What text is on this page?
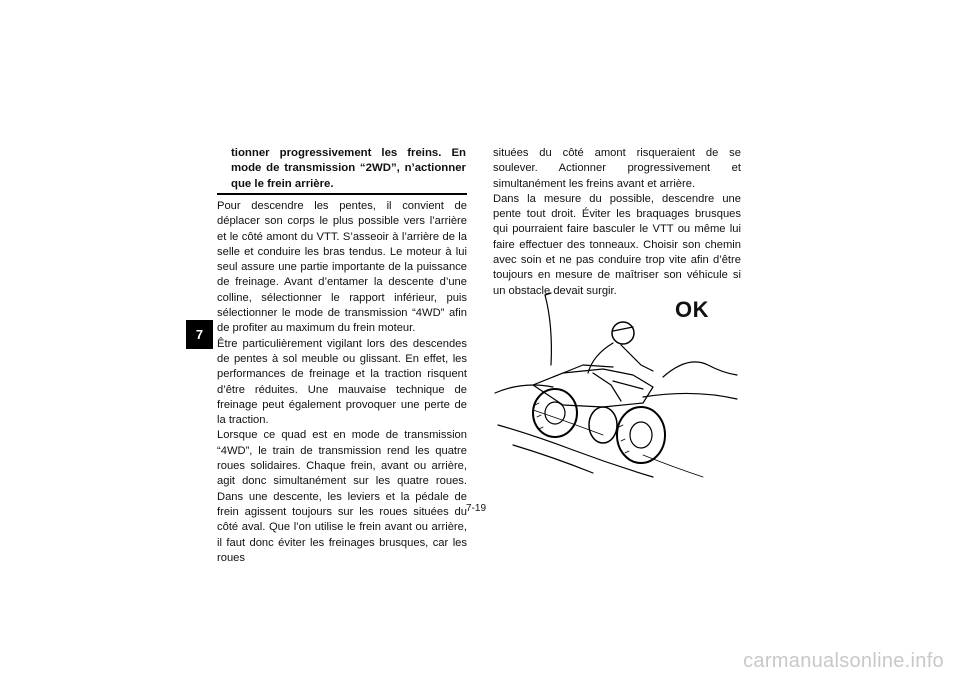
7
tionner progressivement les freins. En mode de transmission “2WD”, n’actionner que le frein arrière.
Pour descendre les pentes, il convient de déplacer son corps le plus possible vers l’arrière et le côté amont du VTT. S’asseoir à l’arrière de la selle et conduire les bras tendus. Le moteur à lui seul assure une partie importante de la puissance de freinage. Avant d’entamer la descente d’une colline, sélectionner le rapport inférieur, puis sélectionner le mode de transmission “4WD” afin de profiter au maximum du frein moteur.
Être particulièrement vigilant lors des descendes de pentes à sol meuble ou glissant. En effet, les performances de freinage et la traction risquent d’être réduites. Une mauvaise technique de freinage peut également provoquer une perte de la traction.
Lorsque ce quad est en mode de transmission “4WD”, le train de transmission rend les quatre roues solidaires. Chaque frein, avant ou arrière, agit donc simultanément sur les quatre roues. Dans une descente, les leviers et la pédale de frein agissent toujours sur les roues situées du côté aval. Que l’on utilise le frein avant ou arrière, il faut donc éviter les freinages brusques, car les roues
situées du côté amont risqueraient de se soulever. Actionner progressivement et simultanément les freins avant et arrière.
Dans la mesure du possible, descendre une pente tout droit. Éviter les braquages brusques qui pourraient faire basculer le VTT ou même lui faire effectuer des tonneaux. Choisir son chemin avec soin et ne pas conduire trop vite afin d’être toujours en mesure de maîtriser son véhicule si un obstacle devait surgir.
OK
7-19
carmanualsonline.info
